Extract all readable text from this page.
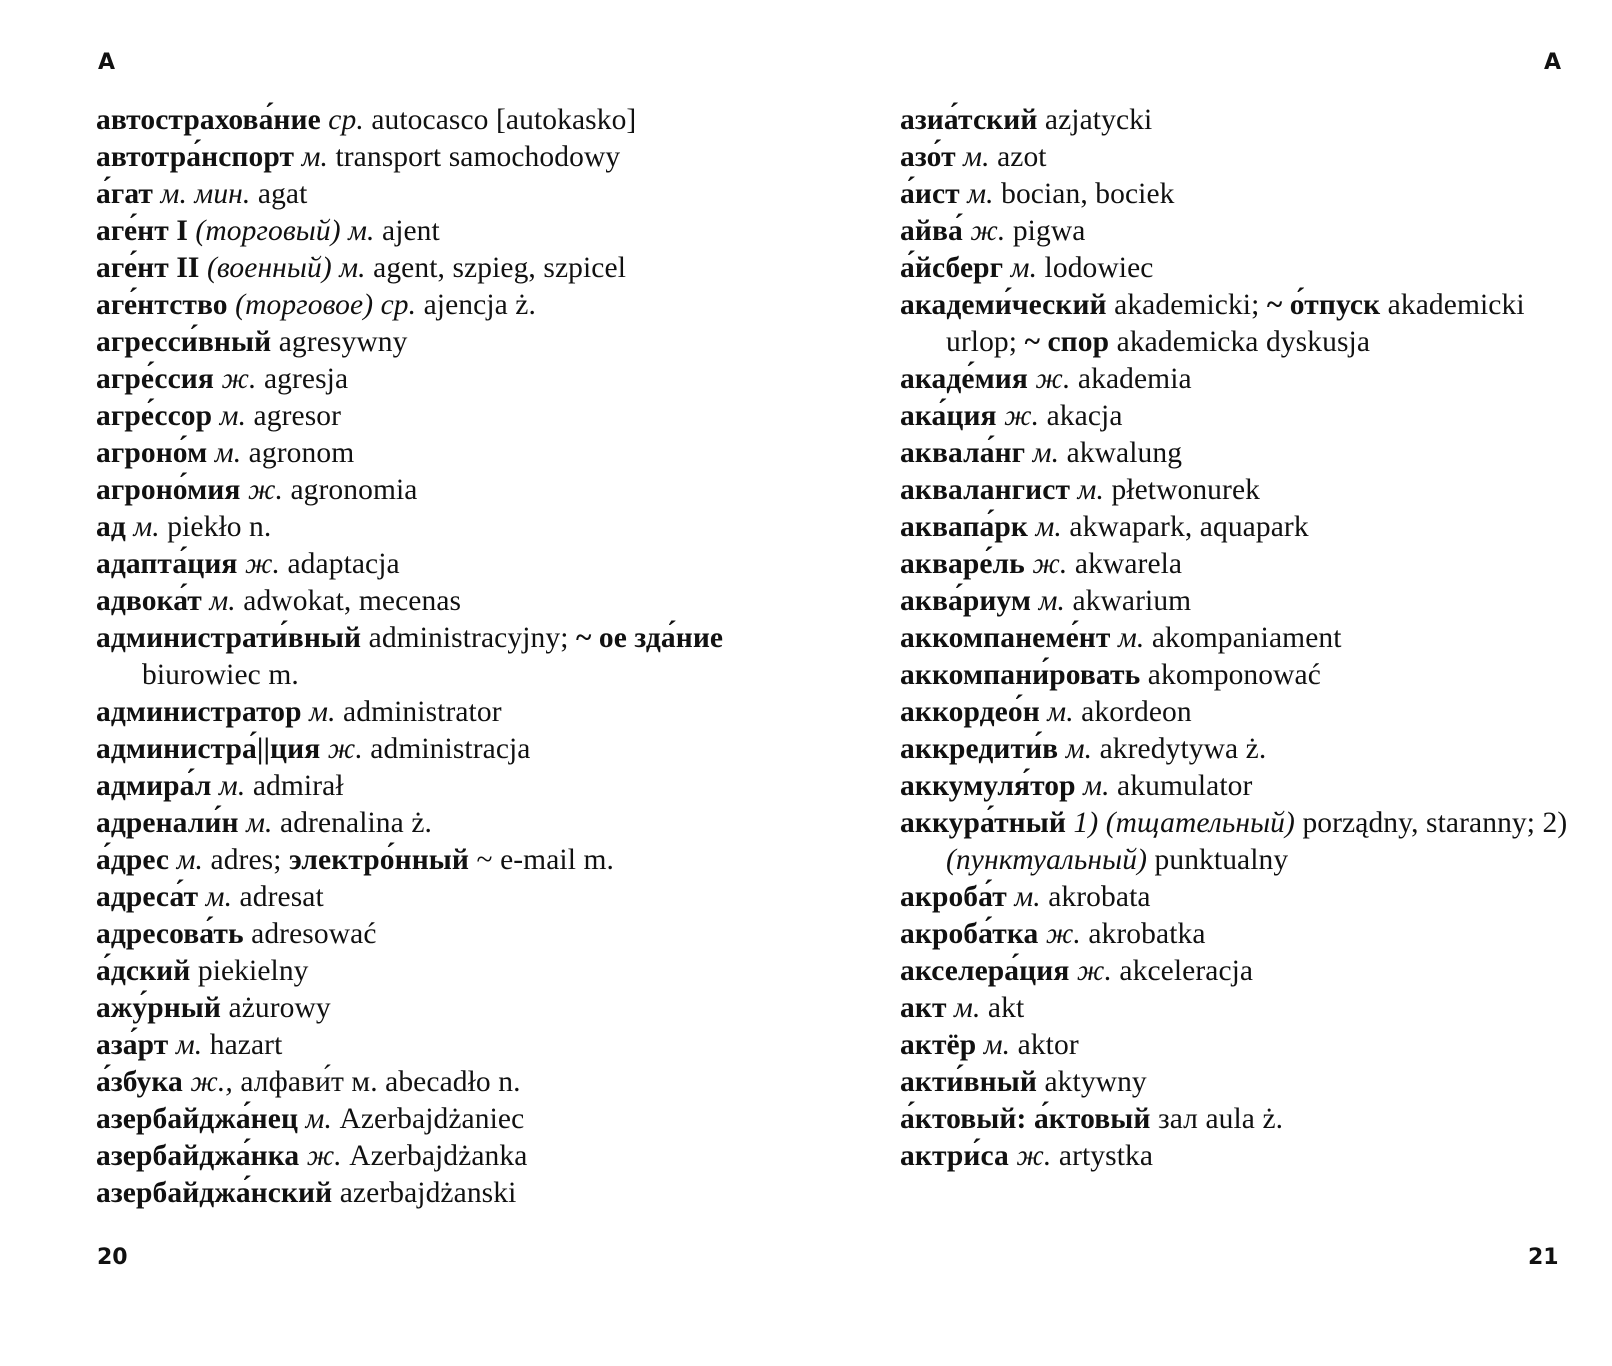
А
автострахова́ние ср. autocasco [autokasko]
автотра́нспорт м. transport samochodowy
а́гат м. мин. agat
аге́нт I (торговый) м. ajent
аге́нт II (военный) м. agent, szpieg, szpicel
аге́нтство (торговое) ср. ajencja ż.
агресси́вный agresywny
агре́ссия ж. agresja
агре́ссор м. agresor
агроно́м м. agronom
агроно́мия ж. agronomia
ад м. piekło n.
адапта́ция ж. adaptacja
адвока́т м. adwokat, mecenas
администрати́вный administracyjny; ~ ое зда́ние biurowiec m.
администратор м. administrator
администра́||ция ж. administracja
адмира́л м. admirał
адренали́н м. adrenalina ż.
а́дрес м. adres; электро́нный ~ e-mail m.
адреса́т м. adresat
адресова́ть adresować
а́дский piekielny
ажу́рный ażurowy
аза́рт м. hazart
а́збука ж., алфави́т м. abecadło n.
азербайджа́нец м. Azerbajdżaniec
азербайджа́нка ж. Azerbajdżanka
азербайджа́нский azerbajdżanski
20
А
азиа́тский azjatycki
азо́т м. azot
а́ист м. bocian, bociek
айва́ ж. pigwa
а́йсберг м. lodowiec
академи́ческий akademicki; ~ о́тпуск akademicki urlop; ~ спор akademicka dyskusja
акаде́мия ж. akademia
ака́ция ж. akacja
аквала́нг м. akwalung
аквалангист м. płetwonurek
аквапа́рк м. akwapark, aquapark
акваре́ль ж. akwarela
аква́риум м. akwarium
аккомпанеме́нт м. akompaniament
аккомпани́ровать akomponować
аккордео́н м. akordeon
аккредити́в м. akredytywa ż.
аккумуля́тор м. akumulator
аккура́тный 1) (тщательный) porządny, staranny; 2) (пунктуальный) punktualny
акроба́т м. akrobata
акроба́тка ж. akrobatka
акселера́ция ж. akceleracja
акт м. akt
актёр м. aktor
акти́вный aktywny
а́ктовый: а́ктовый зал aula ż.
актри́са ж. artystka
21
